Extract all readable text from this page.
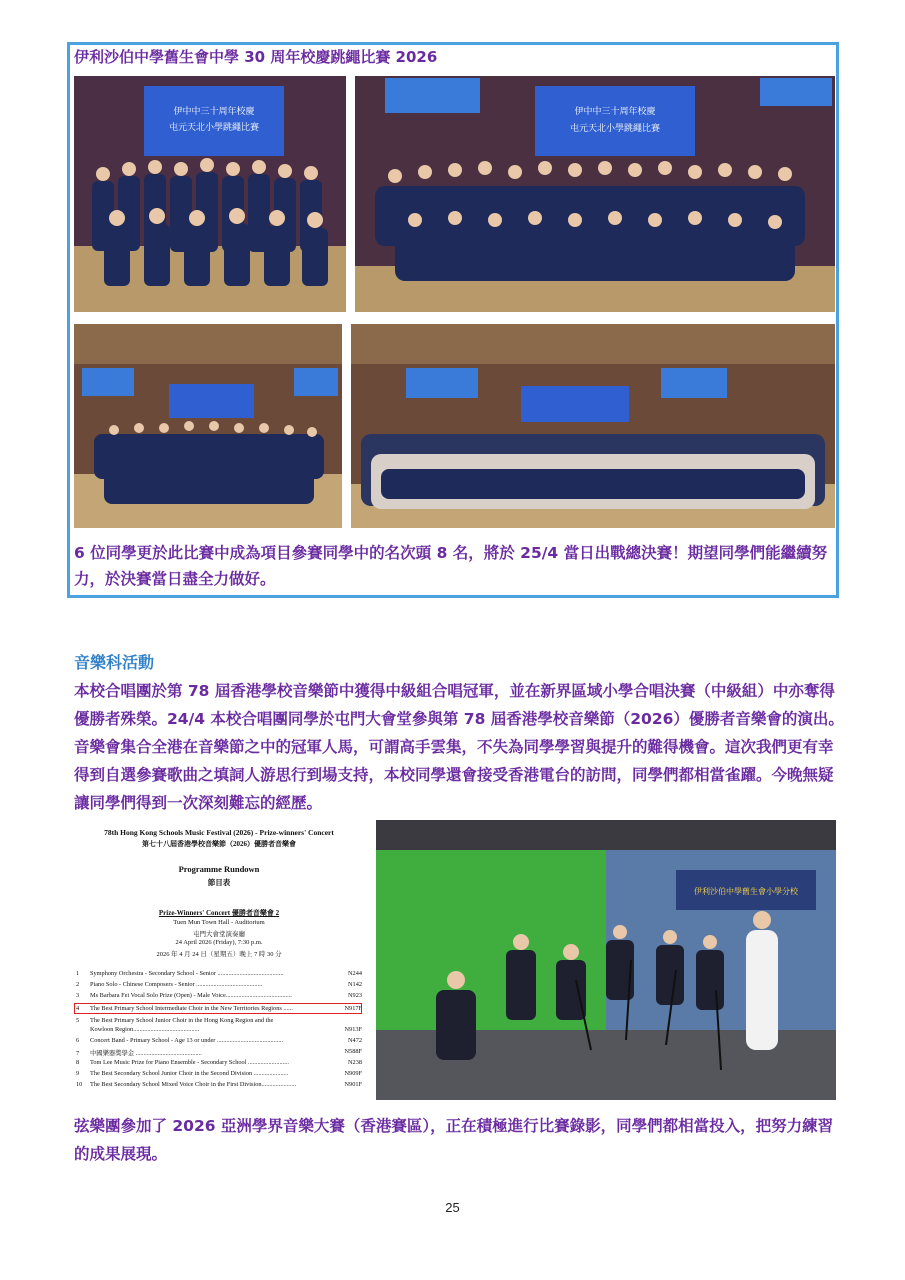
伊利沙伯中學舊生會中學 30 周年校慶跳繩比賽 2026
伊中中三十周年校慶
屯元天北小學跳繩比賽
伊中中三十周年校慶
屯元天北小學跳繩比賽
6 位同學更於此比賽中成為項目參賽同學中的名次頭 8 名，將於 25/4 當日出戰總決賽！期望同學們能繼續努力，於決賽當日盡全力做好。
音樂科活動
本校合唱團於第 78 屆香港學校音樂節中獲得中級組合唱冠軍，並在新界區域小學合唱決賽（中級組）中亦奪得優勝者殊榮。24/4 本校合唱團同學於屯門大會堂參與第 78 屆香港學校音樂節（2026）優勝者音樂會的演出。音樂會集合全港在音樂節之中的冠軍人馬，可謂高手雲集，不失為同學學習與提升的難得機會。這次我們更有幸得到自選參賽歌曲之填詞人游思行到場支持，本校同學還會接受香港電台的訪問，同學們都相當雀躍。今晚無疑讓同學們得到一次深刻難忘的經歷。
78th Hong Kong Schools Music Festival (2026) - Prize-winners' Concert
第七十八屆香港學校音樂節（2026）優勝者音樂會
Programme Rundown
節目表
Prize-Winners' Concert 優勝者音樂會 2
Tuen Mun Town Hall - Auditorium
屯門大會堂演奏廳
24 April 2026 (Friday), 7:30 p.m.
2026 年 4 月 24 日（星期五）晚上 7 時 30 分
1 Symphony Orchestra - Secondary School - Senior ..........................................	N244
2 Piano Solo - Chinese Composers - Senior ..........................................	N142
3 Ms Barbara Fei Vocal Solo Prize (Open) - Male Voice..........................................	N923
4 The Best Primary School Intermediate Choir in the New Territories Regions ......	N917F
5 The Best Primary School Junior Choir in the Hong Kong Region and the
Kowloon Region..........................................	N913F
6 Concert Band - Primary School - Age 13 or under ..........................................	N472
7 中國樂器獎學金 ..........................................	N588F
8 Tom Lee Music Prize for Piano Ensemble - Secondary School ..........................	N238
9 The Best Secondary School Junior Choir in the Second Division ......................	N909F
10 The Best Secondary School Mixed Voice Choir in the First Division......................	N901F
伊利沙伯中學舊生會小學分校
弦樂團參加了 2026 亞洲學界音樂大賽（香港賽區），正在積極進行比賽錄影，同學們都相當投入，把努力練習的成果展現。
25
